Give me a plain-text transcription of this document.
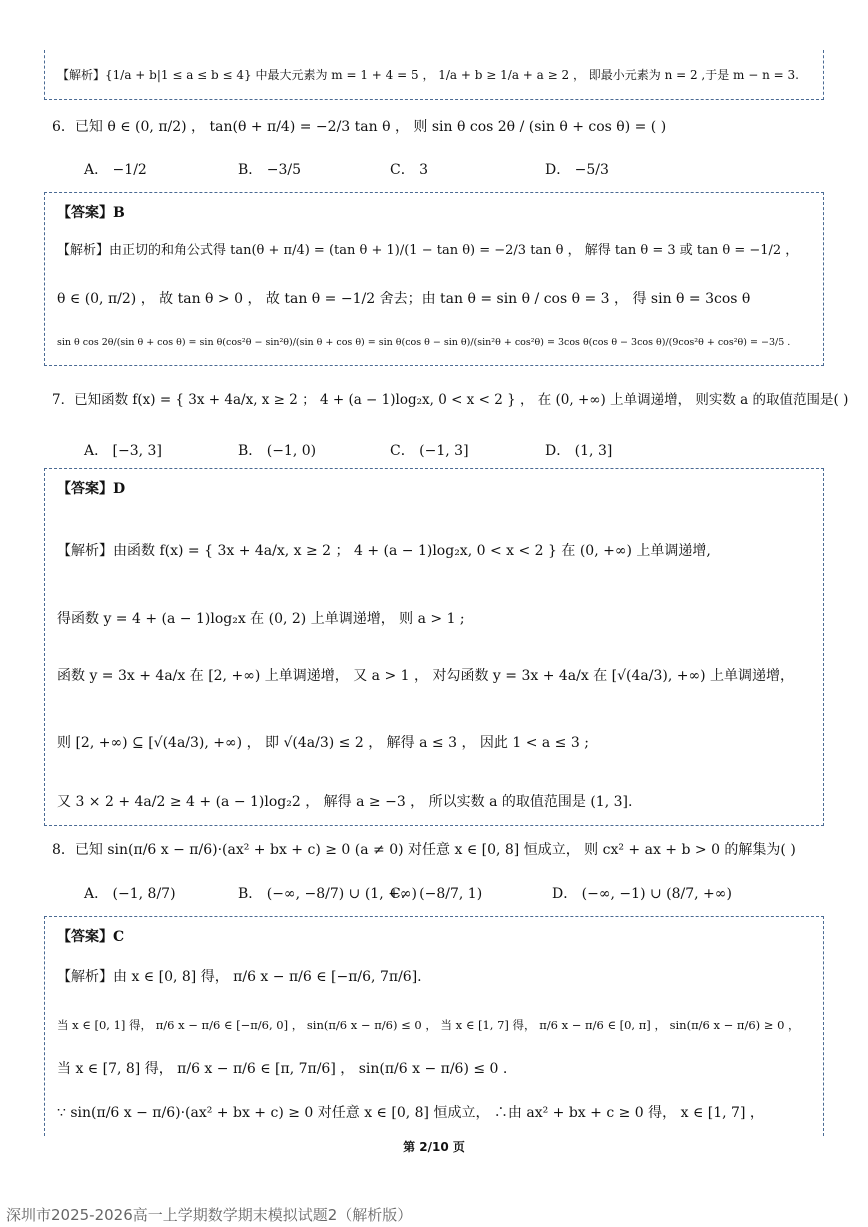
【解析】{1/a + b|1 ≤ a ≤ b ≤ 4} 中最大元素为 m = 1 + 4 = 5 ， 1/a + b ≥ 1/a + a ≥ 2 ， 即最小元素为 n = 2 ,于是 m − n = 3.
6．已知 θ ∈ (0, π/2) ， tan(θ + π/4) = −2/3 tan θ ， 则 sin θ cos 2θ / (sin θ + cos θ) = ( )
A． −1/2	B． −3/5	C． 3	D． −5/3
【答案】B
【解析】由正切的和角公式得 tan(θ + π/4) = (tan θ + 1)/(1 − tan θ) = −2/3 tan θ ， 解得 tan θ = 3 或 tan θ = −1/2 ，
θ ∈ (0, π/2) ， 故 tan θ > 0 ， 故 tan θ = −1/2 舍去；由 tan θ = sin θ / cos θ = 3 ， 得 sin θ = 3cos θ
sin θ cos 2θ/(sin θ + cos θ) = sin θ(cos²θ − sin²θ)/(sin θ + cos θ) = sin θ(cos θ − sin θ)/(sin²θ + cos²θ) = 3cos θ(cos θ − 3cos θ)/(9cos²θ + cos²θ) = −3/5 .
7．已知函数 f(x) = { 3x + 4a/x, x ≥ 2 ； 4 + (a − 1)log₂x, 0 < x < 2 } ， 在 (0, +∞) 上单调递增， 则实数 a 的取值范围是( )
A． [−3, 3]	B． (−1, 0)	C． (−1, 3]	D． (1, 3]
【答案】D
【解析】由函数 f(x) = { 3x + 4a/x, x ≥ 2 ； 4 + (a − 1)log₂x, 0 < x < 2 } 在 (0, +∞) 上单调递增,
得函数 y = 4 + (a − 1)log₂x 在 (0, 2) 上单调递增， 则 a > 1 ;
函数 y = 3x + 4a/x 在 [2, +∞) 上单调递增， 又 a > 1 ， 对勾函数 y = 3x + 4a/x 在 [√(4a/3), +∞) 上单调递增，
则 [2, +∞) ⊆ [√(4a/3), +∞) ， 即 √(4a/3) ≤ 2 ， 解得 a ≤ 3 ， 因此 1 < a ≤ 3 ;
又 3 × 2 + 4a/2 ≥ 4 + (a − 1)log₂2 ， 解得 a ≥ −3 ， 所以实数 a 的取值范围是 (1, 3].
8．已知 sin(π/6 x − π/6)·(ax² + bx + c) ≥ 0 (a ≠ 0) 对任意 x ∈ [0, 8] 恒成立， 则 cx² + ax + b > 0 的解集为( )
A． (−1, 8/7)	B． (−∞, −8/7) ∪ (1, +∞)
C． (−8/7, 1)	D． (−∞, −1) ∪ (8/7, +∞)
【答案】C
【解析】由 x ∈ [0, 8] 得， π/6 x − π/6 ∈ [−π/6, 7π/6].
当 x ∈ [0, 1] 得， π/6 x − π/6 ∈ [−π/6, 0] ， sin(π/6 x − π/6) ≤ 0 ， 当 x ∈ [1, 7] 得， π/6 x − π/6 ∈ [0, π] ， sin(π/6 x − π/6) ≥ 0 ，
当 x ∈ [7, 8] 得， π/6 x − π/6 ∈ [π, 7π/6] ， sin(π/6 x − π/6) ≤ 0 .
∵ sin(π/6 x − π/6)·(ax² + bx + c) ≥ 0 对任意 x ∈ [0, 8] 恒成立， ∴由 ax² + bx + c ≥ 0 得， x ∈ [1, 7] ，
第 2/10 页
深圳市2025-2026高一上学期数学期末模拟试题2（解析版）
